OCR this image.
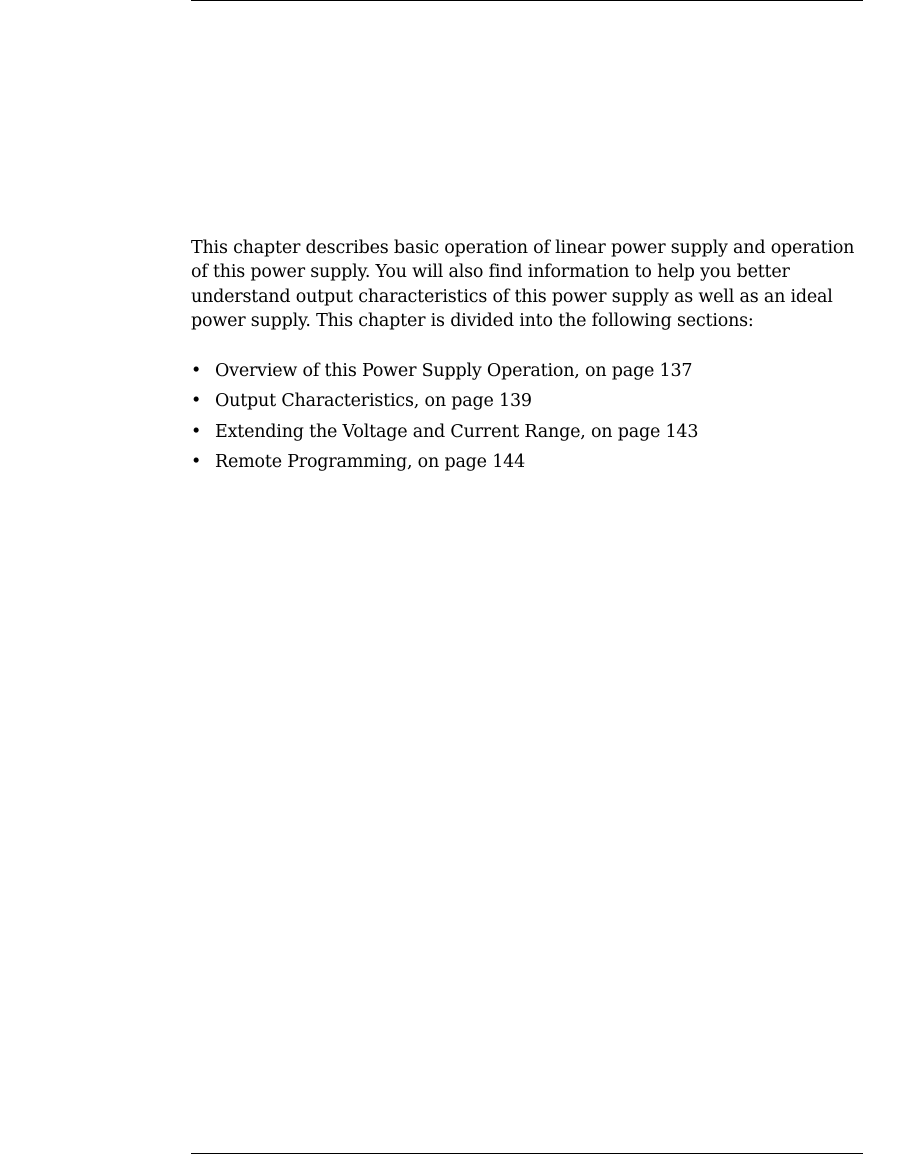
This chapter describes basic operation of linear power supply and operation
of this power supply. You will also find information to help you better
understand output characteristics of this power supply as well as an ideal
power supply. This chapter is divided into the following sections:

• Overview of this Power Supply Operation, on page 137
• Output Characteristics, on page 139
• Extending the Voltage and Current Range, on page 143
• Remote Programming, on page 144
